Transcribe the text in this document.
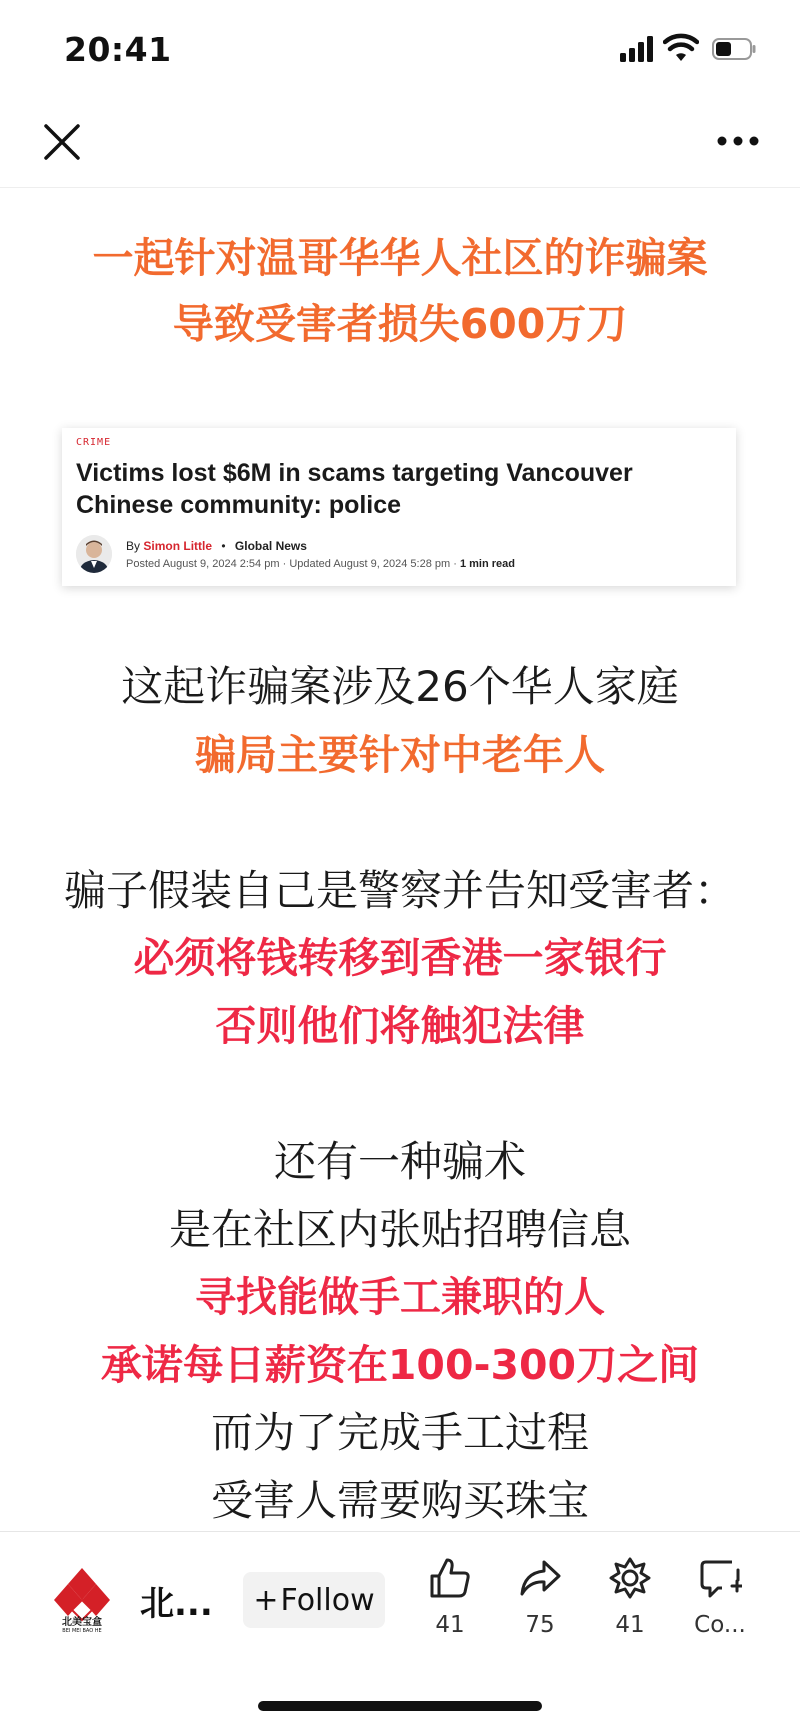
20:41
一起针对温哥华华人社区的诈骗案
导致受害者损失600万刀
CRIME
Victims lost $6M in scams targeting Vancouver Chinese community: police
By Simon Little • Global News
Posted August 9, 2024 2:54 pm · Updated August 9, 2024 5:28 pm · 1 min read
这起诈骗案涉及26个华人家庭
骗局主要针对中老年人
骗子假装自己是警察并告知受害者：
必须将钱转移到香港一家银行
否则他们将触犯法律
还有一种骗术
是在社区内张贴招聘信息
寻找能做手工兼职的人
承诺每日薪资在100-300刀之间
而为了完成手工过程
受害人需要购买珠宝
北美宝盒
BEI MEI BAO HE
北... + Follow
41	75	41	Co...
